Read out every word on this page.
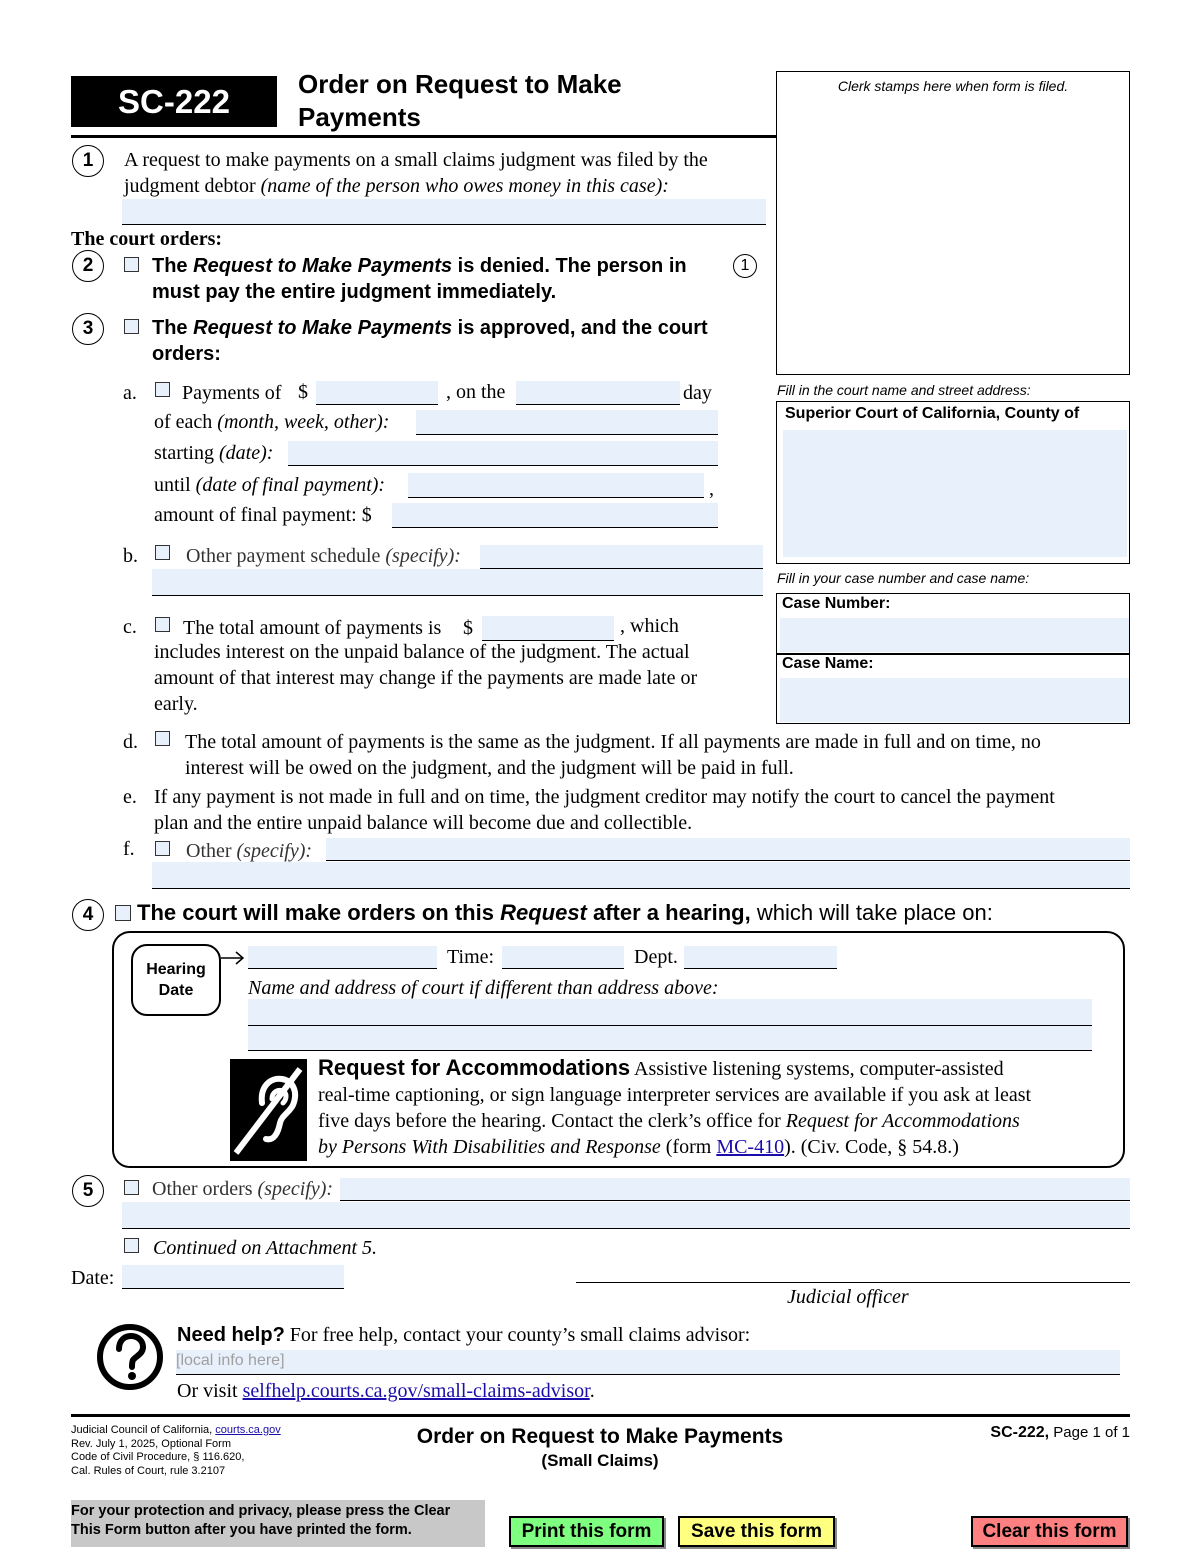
SC-222	Order on Request to Make
Payments
Clerk stamps here when form is filed.
Fill in the court name and street address:
Superior Court of California, County of
Fill in your case number and case name:
Case Number:
Case Name:
1	A request to make payments on a small claims judgment was filed by the
judgment debtor (name of the person who owes money in this case):
The court orders:
2	The Request to Make Payments is denied. The person in
must pay the entire judgment immediately.
1
3	The Request to Make Payments is approved, and the court
orders:
a. Payments of $	, on the	day
of each (month, week, other):
starting (date):
until (date of final payment):	,
amount of final payment: $
b. Other payment schedule (specify):
c. The total amount of payments is $	, which
includes interest on the unpaid balance of the judgment. The actual
amount of that interest may change if the payments are made late or
early.
d. The total amount of payments is the same as the judgment. If all payments are made in full and on time, no
interest will be owed on the judgment, and the judgment will be paid in full.
e. If any payment is not made in full and on time, the judgment creditor may notify the court to cancel the payment
plan and the entire unpaid balance will become due and collectible.
f.	Other (specify):
4	The court will make orders on this Request after a hearing, which will take place on:
Hearing
Date
Time:	Dept.
Name and address of court if different than address above:
Request for Accommodations Assistive listening systems, computer-assisted
real-time captioning, or sign language interpreter services are available if you ask at least
five days before the hearing. Contact the clerk’s office for Request for Accommodations
by Persons With Disabilities and Response (form MC-410). (Civ. Code, § 54.8.)
5	Other orders (specify):
Continued on Attachment 5.
Date:
Judicial officer
Need help? For free help, contact your county’s small claims advisor:
[local info here]
Or visit selfhelp.courts.ca.gov/small-claims-advisor.
Judicial Council of California, courts.ca.gov
Rev. July 1, 2025, Optional Form
Code of Civil Procedure, § 116.620,
Cal. Rules of Court, rule 3.2107
Order on Request to Make Payments
(Small Claims)
SC-222, Page 1 of 1
For your protection and privacy, please press the Clear
This Form button after you have printed the form.	Print this form Save this form	Clear this form
